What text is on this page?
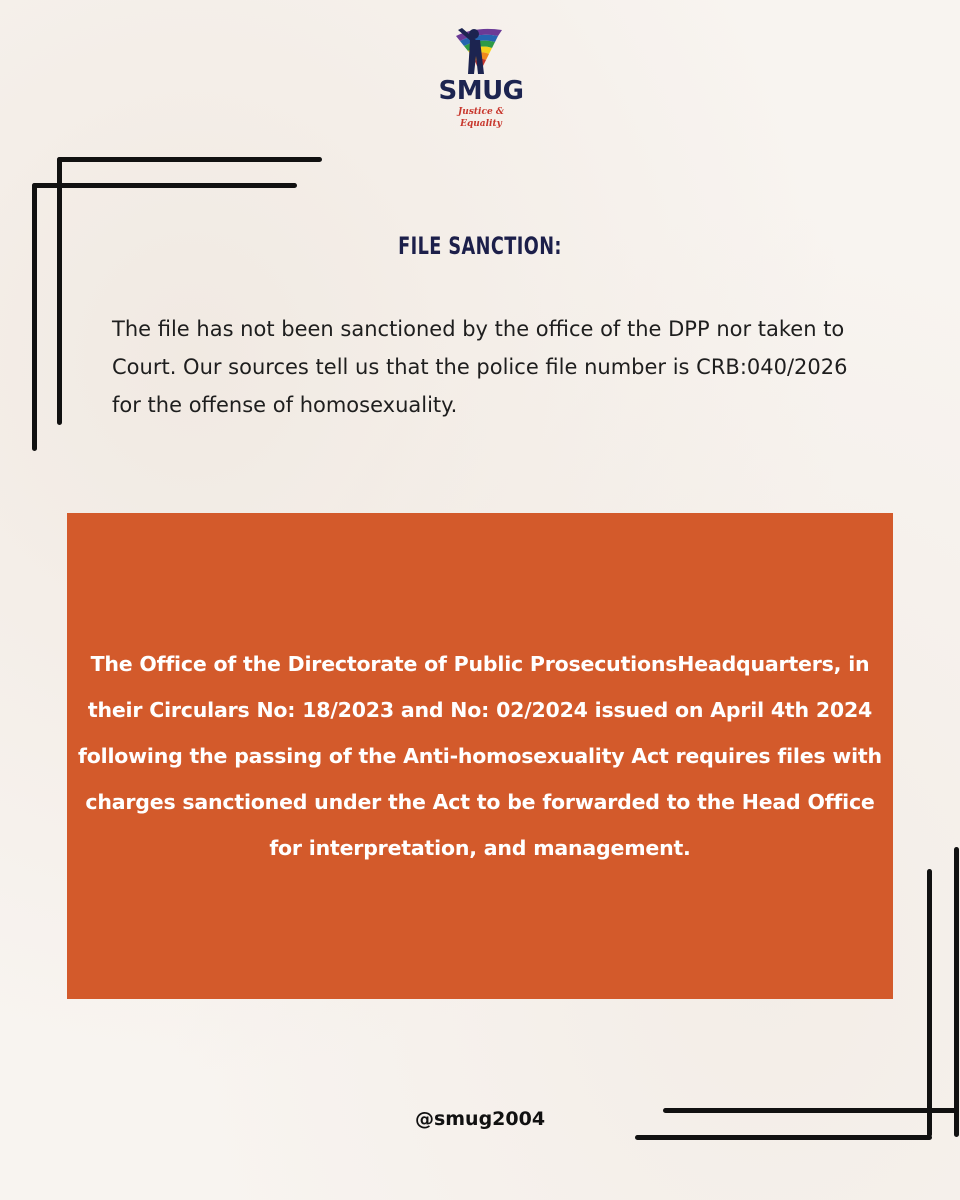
SMUG
Justice & Equality
FILE SANCTION:

The file has not been sanctioned by the office of the DPP nor taken to Court. Our sources tell us that the police file number is CRB:040/2026 for the offense of homosexuality.

The Office of the Directorate of Public ProsecutionsHeadquarters, in their Circulars No: 18/2023 and No: 02/2024 issued on April 4th 2024 following the passing of the Anti-homosexuality Act requires files with charges sanctioned under the Act to be forwarded to the Head Office for interpretation, and management.

@smug2004
